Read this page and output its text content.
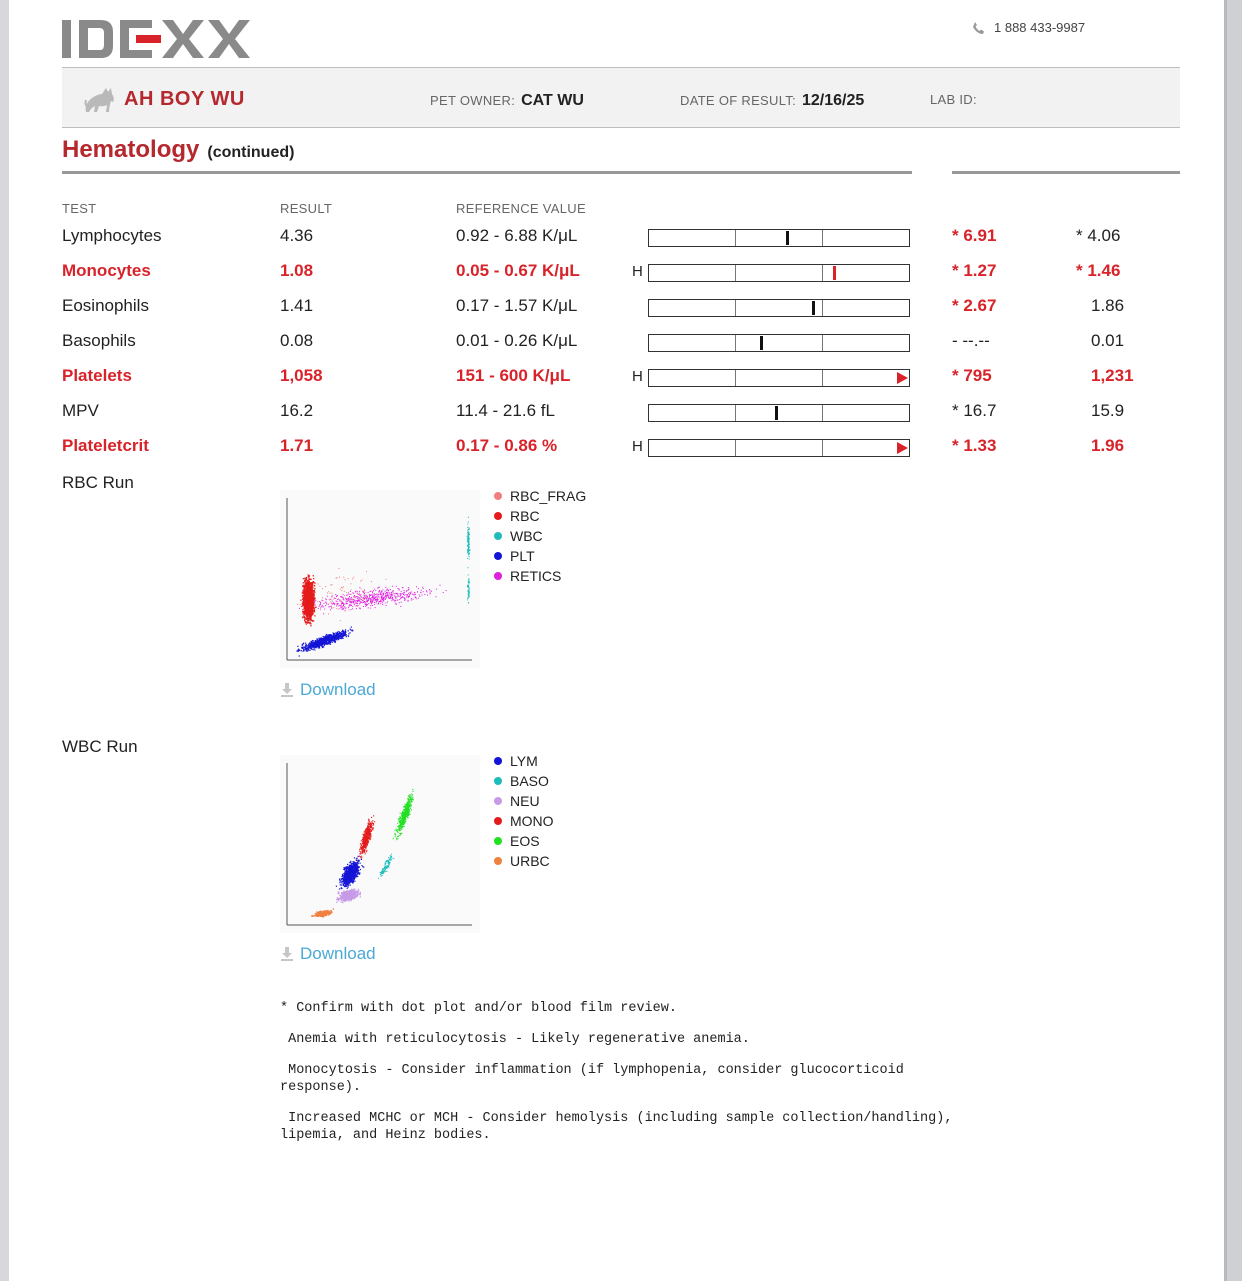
1 888 433-9987
AH BOY WU	PET OWNER: CAT WU	DATE OF RESULT: 12/16/25	LAB ID:
Hematology (continued)
TEST	RESULT	REFERENCE VALUE
Lymphocytes	4.36	0.92 - 6.88 K/μL	* 6.91	* 4.06
Monocytes	1.08	0.05 - 0.67 K/μL	H	* 1.27	* 1.46
Eosinophils	1.41	0.17 - 1.57 K/μL	* 2.67	1.86
Basophils	0.08	0.01 - 0.26 K/μL	- --.--	0.01
Platelets	1,058	151 - 600 K/μL	H	* 795	1,231
MPV	16.2	11.4 - 21.6 fL	* 16.7	15.9
Plateletcrit	1.71	0.17 - 0.86 %	H	* 1.33	1.96
RBC Run
RBC_FRAG
RBC
WBC
PLT
RETICS
Download
WBC Run
LYM
BASO
NEU
MONO
EOS
URBC
Download

* Confirm with dot plot and/or blood film review.

Anemia with reticulocytosis - Likely regenerative anemia.

Monocytosis - Consider inflammation (if lymphopenia, consider glucocorticoid response).

Increased MCHC or MCH - Consider hemolysis (including sample collection/handling), lipemia, and Heinz bodies.
